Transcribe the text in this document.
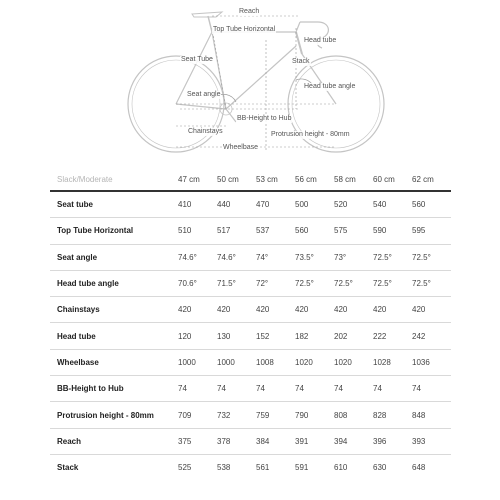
Reach
Top Tube Horizontal
Head tube
Seat Tube	Stack
Head tube angle
Seat angle
BB-Height to Hub
Chainstays	Protrusion height - 80mm
Wheelbase
Slack/Moderate	47 cm	50 cm	53 cm	56 cm	58 cm	60 cm	62 cm
Seat tube	410	440	470	500	520	540	560
Top Tube Horizontal	510	517	537	560	575	590	595
Seat angle	74.6°	74.6°	74°	73.5°	73°	72.5°	72.5°
Head tube angle	70.6°	71.5°	72°	72.5°	72.5°	72.5°	72.5°
Chainstays	420	420	420	420	420	420	420
Head tube	120	130	152	182	202	222	242
Wheelbase	1000	1000	1008	1020	1020	1028	1036
BB-Height to Hub	74	74	74	74	74	74	74
Protrusion height - 80mm	709	732	759	790	808	828	848
Reach	375	378	384	391	394	396	393
Stack	525	538	561	591	610	630	648
